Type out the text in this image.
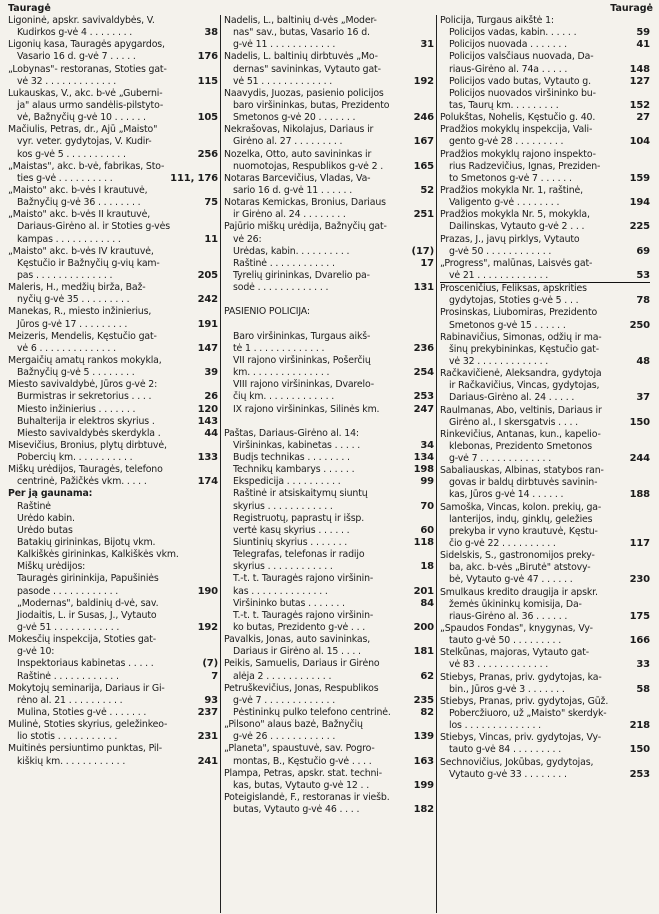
Tauragė	Tauragė
Ligoninė, apskr. savivaldybės, V.
Kudirkos g-vė 4 . . . . . . . .	38
Ligonių kasa, Tauragės apygardos,
Vasario 16 d. g-vė 7 . . . . .	176
„Lobynas"- restoranas, Stoties gat-
vė 32 . . . . . . . . . . . . .	115
Lukauskas, V., akc. b-vė „Guberni-
ja" alaus urmo sandėlis-pilstyto-
vė, Bažnyčių g-vė 10 . . . . . .	105
Mačiulis, Petras, dr., Ajū „Maisto"
vyr. veter. gydytojas, V. Kudir-
kos g-vė 5 . . . . . . . . . . .	256
„Maistas", akc. b-vė, fabrikas, Sto-
ties g-vė . . . . . . . . . .	111, 176
„Maisto" akc. b-vės I krautuvė,
Bažnyčių g-vė 36 . . . . . . . .	75
„Maisto" akc. b-vės II krautuvė,
Dariaus-Girėno al. ir Stoties g-vės
kampas . . . . . . . . . . . .	11
„Maisto" akc. b-vės IV krautuvė,
Kęstučio ir Bažnyčių g-vių kam-
pas . . . . . . . . . . . . . .	205
Maleris, H., medžių birža, Baž-
nyčių g-vė 35 . . . . . . . . .	242
Manekas, R., miesto inžinierius,
Jūros g-vė 17 . . . . . . . . .	191
Meizeris, Mendelis, Kęstučio gat-
vė 6 . . . . . . . . . . . . . .	147
Mergaičių amatų rankos mokykla,
Bažnyčių g-vė 5 . . . . . . . .	39
Miesto savivaldybė, Jūros g-vė 2:
Burmistras ir sekretorius . . . .	26
Miesto inžinierius . . . . . . .	120
Buhalterija ir elektros skyrius .	143
Miesto savivaldybės skerdykla .	44
Misevičius, Bronius, plytų dirbtuvė,
Pobercių km. . . . . . . . . . .	133
Miškų urėdijos, Tauragės, telefono
centrinė, Pažičkės vkm. . . . .	174
Per ją gaunama:
Raštinė
Urėdo kabin.
Urėdo butas
Batakių girininkas, Bijotų vkm.
Kalkiškės girininkas, Kalkiškės vkm.
Miškų urėdijos:
Tauragės girininkija, Papušiniės
pasode . . . . . . . . . . . .	190
„Modernas", baldinių d-vė, sav.
Jiodaitis, L. ir Susas, J., Vytauto
g-vė 51 . . . . . . . . . . . .	192
Mokesčių inspekcija, Stoties gat-
g-vė 10:
Inspektoriaus kabinetas . . . . .	(7)
Raštinė . . . . . . . . . . . .	7
Mokytojų seminarija, Dariaus ir Gi-
rėno al. 21 . . . . . . . . . .	93
Mulina, Stoties g-vė . . . . . . .	237
Mulinė, Stoties skyrius, geležinkeo-
lio stotis . . . . . . . . . . .	231
Muitinės persiuntimo punktas, Pil-
kiškių km. . . . . . . . . . . .	241
Nadelis, L., baltinių d-vės „Moder-
nas" sav., butas, Vasario 16 d.
g-vė 11 . . . . . . . . . . . .	31
Nadelis, L. baltinių dirbtuvės „Mo-
dernas" savininkas, Vytauto gat-
vė 51 . . . . . . . . . . . . .	192
Naavydis, Juozas, pasienio policijos
baro viršininkas, butas, Prezidento
Smetonos g-vė 20 . . . . . . .	246
Nekrašovas, Nikolajus, Dariaus ir
Girėno al. 27 . . . . . . . . .	167
Nozelka, Otto, auto savininkas ir
nuomotojas, Respublikos g-vė 2 .	165
Notaras Barcevičius, Vladas, Va-
sario 16 d. g-vė 11 . . . . . .	52
Notaras Kemickas, Bronius, Dariaus
ir Girėno al. 24 . . . . . . . .	251
Pajūrio miškų urėdija, Bažnyčių gat-
vė 26:
Urėdas, kabin. . . . . . . . . .	(17)
Raštinė . . . . . . . . . . . .	17
Tyrelių girininkas, Dvarelio pa-
sodė . . . . . . . . . . . . .	131
PASIENIO POLICIJA:
Baro viršininkas, Turgaus aikš-
tė 1 . . . . . . . . . . . . .	236
VII rajono viršininkas, Pošerčių
km. . . . . . . . . . . . . . .	254
VIII rajono viršininkas, Dvarelo-
čių km. . . . . . . . . . . . .	253
IX rajono viršininkas, Šilinės km.	247
Paštas, Dariaus-Girėno al. 14:
Viršininkas, kabinetas . . . . .	34
Budįs technikas . . . . . . . .	134
Technikų kambarys . . . . . .	198
Ekspedicija . . . . . . . . . .	99
Raštinė ir atsiskaitymų siuntų
skyrius . . . . . . . . . . . .	70
Registruotų, paprastų ir išsp.
vertė kasų skyrius . . . . . .	60
Siuntinių skyrius . . . . . . .	118
Telegrafas, telefonas ir radijo
skyrius . . . . . . . . . . . .	18
T.-t. t. Tauragės rajono viršinin-
kas . . . . . . . . . . . . . .	201
Viršininko butas . . . . . . .	84
T.-t. t. Tauragės rajono viršinin-
ko butas, Prezidento g-vė . . .	200
Pavalkis, Jonas, auto savininkas,
Dariaus ir Girėno al. 15 . . . .	181
Peikis, Samuelis, Dariaus ir Girėno
alėja 2 . . . . . . . . . . . .	62
Petruškevičius, Jonas, Respublikos
g-vė 7 . . . . . . . . . . . . .	235
Pėstininkų pulko telefono centrinė.	82
„Pilsono" alaus bazė, Bažnyčių
g-vė 26 . . . . . . . . . . . .	139
„Planeta", spaustuvė, sav. Pogro-
montas, B., Kęstučio g-vė . . . .	163
Plampa, Petras, apskr. stat. techni-
kas, butas, Vytauto g-vė 12 . .	199
Poteigislandė, F., restoranas ir viešb.
butas, Vytauto g-vė 46 . . . .	182
Policija, Turgaus aikštė 1:
Policijos vadas, kabin. . . . . .	59
Policijos nuovada . . . . . . .	41
Policijos valsčiaus nuovada, Da-
riaus-Girėno al. 74a . . . . .	148
Policijos vado butas, Vytauto g.	127
Policijos nuovados viršininko bu-
tas, Taurų km. . . . . . . . .	152
Polukštas, Nohelis, Kęstučio g. 40.	27
Pradžios mokyklų inspekcija, Vali-
gento g-vė 28 . . . . . . . . .	104
Pradžios mokyklų rajono inspekto-
rius Radzevičius, Ignas, Preziden-
to Smetonos g-vė 7 . . . . . .	159
Pradžios mokykla Nr. 1, raštinė,
Valigento g-vė . . . . . . . .	194
Pradžios mokykla Nr. 5, mokykla,
Dailinskas, Vytauto g-vė 2 . . .	225
Prazas, J., javų pirklys, Vytauto
g-vė 50 . . . . . . . . . . . .	69
„Progress", malūnas, Laisvės gat-
vė 21 . . . . . . . . . . . . .	53
Prosceničius, Feliksas, apskrities
gydytojas, Stoties g-vė 5 . . .	78
Prosinskas, Liubomiras, Prezidento
Smetonos g-vė 15 . . . . . .	250
Rabinavičius, Simonas, odžių ir ma-
šinų prekybininkas, Kęstučio gat-
vė 32 . . . . . . . . . . . . .	48
Račkavičienė, Aleksandra, gydytoja
ir Račkavičius, Vincas, gydytojas,
Dariaus-Girėno al. 24 . . . . .	37
Raulmanas, Abo, veltinis, Dariaus ir
Girėno al., I skersgatvis . . . .	150
Rinkevičius, Antanas, kun., kapelio-
klebonas, Prezidento Smetonos
g-vė 7 . . . . . . . . . . . . .	244
Sabaliauskas, Albinas, statybos ran-
govas ir baldų dirbtuvės savinin-
kas, Jūros g-vė 14 . . . . . .	188
Samoška, Vincas, kolon. prekių, ga-
lanterijos, indų, ginklų, geležies
prekyba ir vyno krautuvė, Kęstu-
čio g-vė 22 . . . . . . . . . .	117
Sidelskis, S., gastronomijos preky-
ba, akc. b-vės „Birutė" atstovy-
bė, Vytauto g-vė 47 . . . . . .	230
Smulkaus kredito draugija ir apskr.
žemės ūkininkų komisija, Da-
riaus-Girėno al. 36 . . . . . .	175
„Spaudos Fondas", knygynas, Vy-
tauto g-vė 50 . . . . . . . . .	166
Stelkūnas, majoras, Vytauto gat-
vė 83 . . . . . . . . . . . . .	33
Stiebys, Pranas, priv. gydytojas, ka-
bin., Jūros g-vė 3 . . . . . . .	58
Stiebys, Pranas, priv. gydytojas, Gūž.
Pobercžiuoro, už „Maisto" skerdyk-
los . . . . . . . . . . . . . .	218
Stiebys, Vincas, priv. gydytojas, Vy-
tauto g-vė 84 . . . . . . . . .	150
Šechnovičius, Jokūbas, gydytojas,
Vytauto g-vė 33 . . . . . . . .	253
